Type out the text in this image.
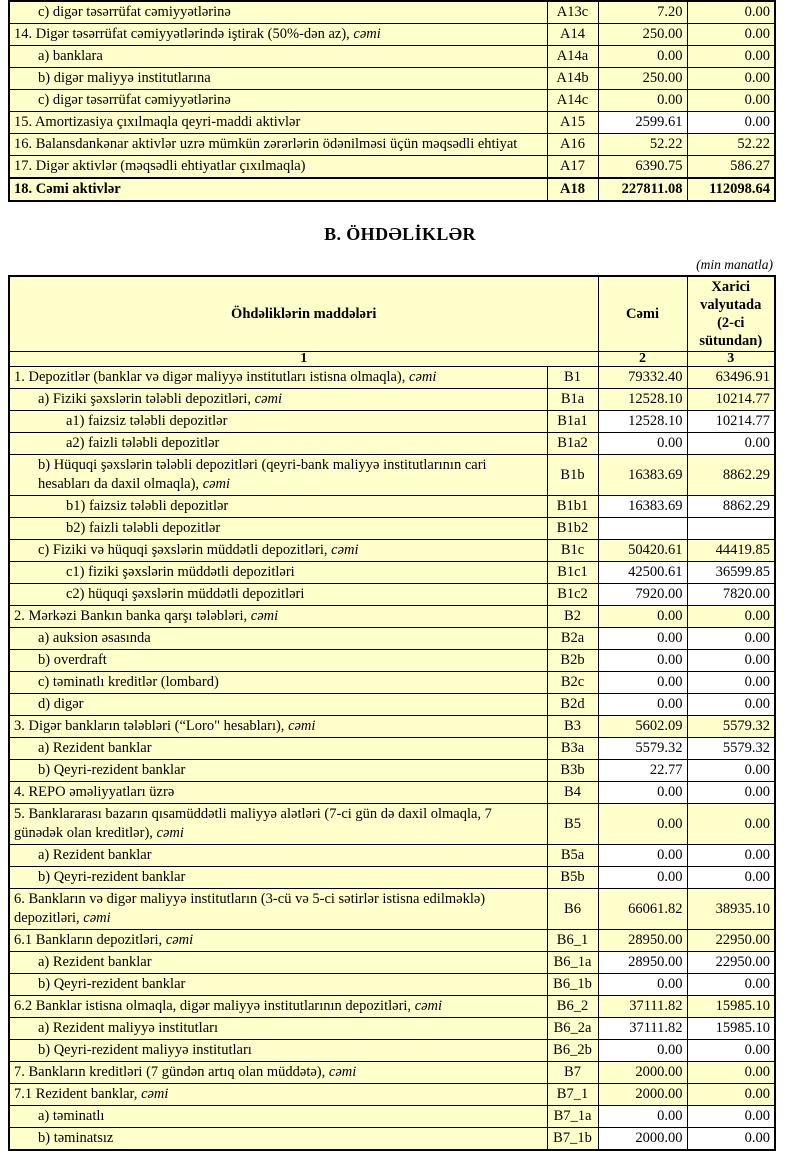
c) digər təsərrüfat cəmiyyətlərinə	A13c	7.20	0.00
14. Digər təsərrüfat cəmiyyətlərində iştirak (50%-dən az), cəmi	A14	250.00	0.00
a) banklara	A14a	0.00	0.00
b) digər maliyyə institutlarına	A14b	250.00	0.00
c) digər təsərrüfat cəmiyyətlərinə	A14c	0.00	0.00
15. Amortizasiya çıxılmaqla qeyri-maddi aktivlər	A15	2599.61	0.00
16. Balansdankənar aktivlər uzrə mümkün zərərlərin ödənilməsi üçün məqsədli ehtiyat	A16	52.22	52.22
17. Digər aktivlər (məqsədli ehtiyatlar çıxılmaqla)	A17	6390.75	586.27
18. Cəmi aktivlər	A18	227811.08	112098.64
B. ÖHDƏLİKLƏR
(min manatla)
Öhdəliklərin maddələri		Cəmi	Xarici valyutada (2-ci sütundan)
1		2	3
1. Depozitlər (banklar və digər maliyyə institutları istisna olmaqla), cəmi	B1	79332.40	63496.91
a) Fiziki şəxslərin tələbli depozitləri, cəmi	B1a	12528.10	10214.77
a1) faizsiz tələbli depozitlər	B1a1	12528.10	10214.77
a2) faizli tələbli depozitlər	B1a2	0.00	0.00
b) Hüquqi şəxslərin tələbli depozitləri (qeyri-bank maliyyə institutlarının cari hesabları da daxil olmaqla), cəmi	B1b	16383.69	8862.29
b1) faizsiz tələbli depozitlər	B1b1	16383.69	8862.29
b2) faizli tələbli depozitlər	B1b2		
c) Fiziki və hüquqi şəxslərin müddətli depozitləri, cəmi	B1c	50420.61	44419.85
c1) fiziki şəxslərin müddətli depozitləri	B1c1	42500.61	36599.85
c2) hüquqi şəxslərin müddətli depozitləri	B1c2	7920.00	7820.00
2. Mərkəzi Bankın banka qarşı tələbləri, cəmi	B2	0.00	0.00
a) auksion əsasında	B2a	0.00	0.00
b) overdraft	B2b	0.00	0.00
c) təminatlı kreditlər (lombard)	B2c	0.00	0.00
d) digər	B2d	0.00	0.00
3. Digər bankların tələbləri (“Loro" hesabları), cəmi	B3	5602.09	5579.32
a) Rezident banklar	B3a	5579.32	5579.32
b) Qeyri-rezident banklar	B3b	22.77	0.00
4. REPO əməliyyatları üzrə	B4	0.00	0.00
5. Banklararası bazarın qısamüddətli maliyyə alətləri (7-ci gün də daxil olmaqla, 7 günədək olan kreditlər), cəmi	B5	0.00	0.00
a) Rezident banklar	B5a	0.00	0.00
b) Qeyri-rezident banklar	B5b	0.00	0.00
6. Bankların və digər maliyyə institutların (3-cü və 5-ci sətirlər istisna edilməklə) depozitləri, cəmi	B6	66061.82	38935.10
6.1 Bankların depozitləri, cəmi	B6_1	28950.00	22950.00
a) Rezident banklar	B6_1a	28950.00	22950.00
b) Qeyri-rezident banklar	B6_1b	0.00	0.00
6.2 Banklar istisna olmaqla, digər maliyyə institutlarının depozitləri, cəmi	B6_2	37111.82	15985.10
a) Rezident maliyyə institutları	B6_2a	37111.82	15985.10
b) Qeyri-rezident maliyyə institutları	B6_2b	0.00	0.00
7. Bankların kreditləri (7 gündən artıq olan müddətə), cəmi	B7	2000.00	0.00
7.1 Rezident banklar, cəmi	B7_1	2000.00	0.00
a) təminatlı	B7_1a	0.00	0.00
b) təminatsız	B7_1b	2000.00	0.00
